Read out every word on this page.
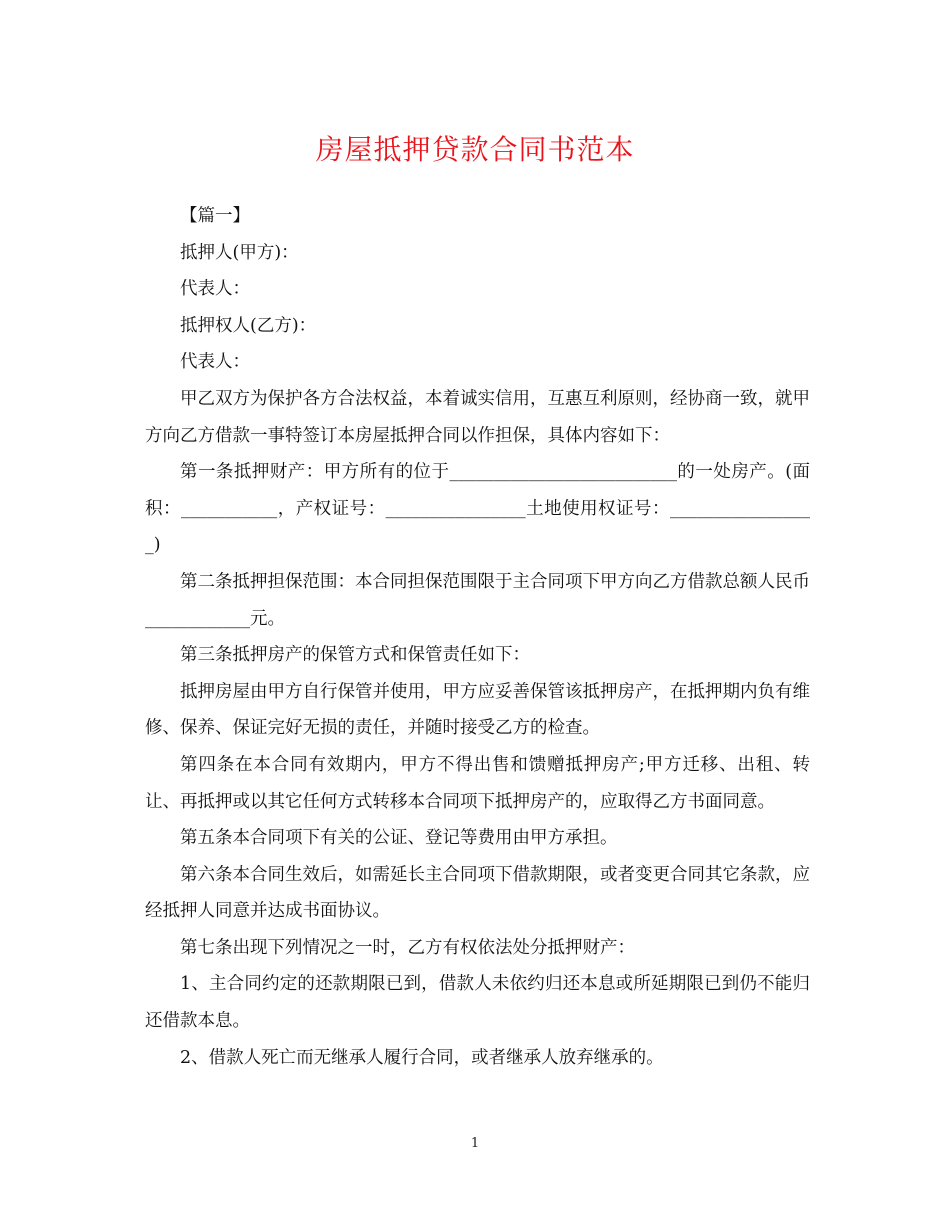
房屋抵押贷款合同书范本

【篇一】

抵押人(甲方)：

代表人：

抵押权人(乙方)：

代表人：

甲乙双方为保护各方合法权益，本着诚实信用，互惠互利原则，经协商一致，就甲方向乙方借款一事特签订本房屋抵押合同以作担保，具体内容如下：

第一条抵押财产：甲方所有的位于__________________________的一处房产。(面积：___________，产权证号：________________土地使用权证号：_________________)

第二条抵押担保范围：本合同担保范围限于主合同项下甲方向乙方借款总额人民币____________元。

第三条抵押房产的保管方式和保管责任如下：

抵押房屋由甲方自行保管并使用，甲方应妥善保管该抵押房产，在抵押期内负有维修、保养、保证完好无损的责任，并随时接受乙方的检查。

第四条在本合同有效期内，甲方不得出售和馈赠抵押房产;甲方迁移、出租、转让、再抵押或以其它任何方式转移本合同项下抵押房产的，应取得乙方书面同意。

第五条本合同项下有关的公证、登记等费用由甲方承担。

第六条本合同生效后，如需延长主合同项下借款期限，或者变更合同其它条款，应经抵押人同意并达成书面协议。

第七条出现下列情况之一时，乙方有权依法处分抵押财产：

1、主合同约定的还款期限已到，借款人未依约归还本息或所延期限已到仍不能归还借款本息。

2、借款人死亡而无继承人履行合同，或者继承人放弃继承的。

1
